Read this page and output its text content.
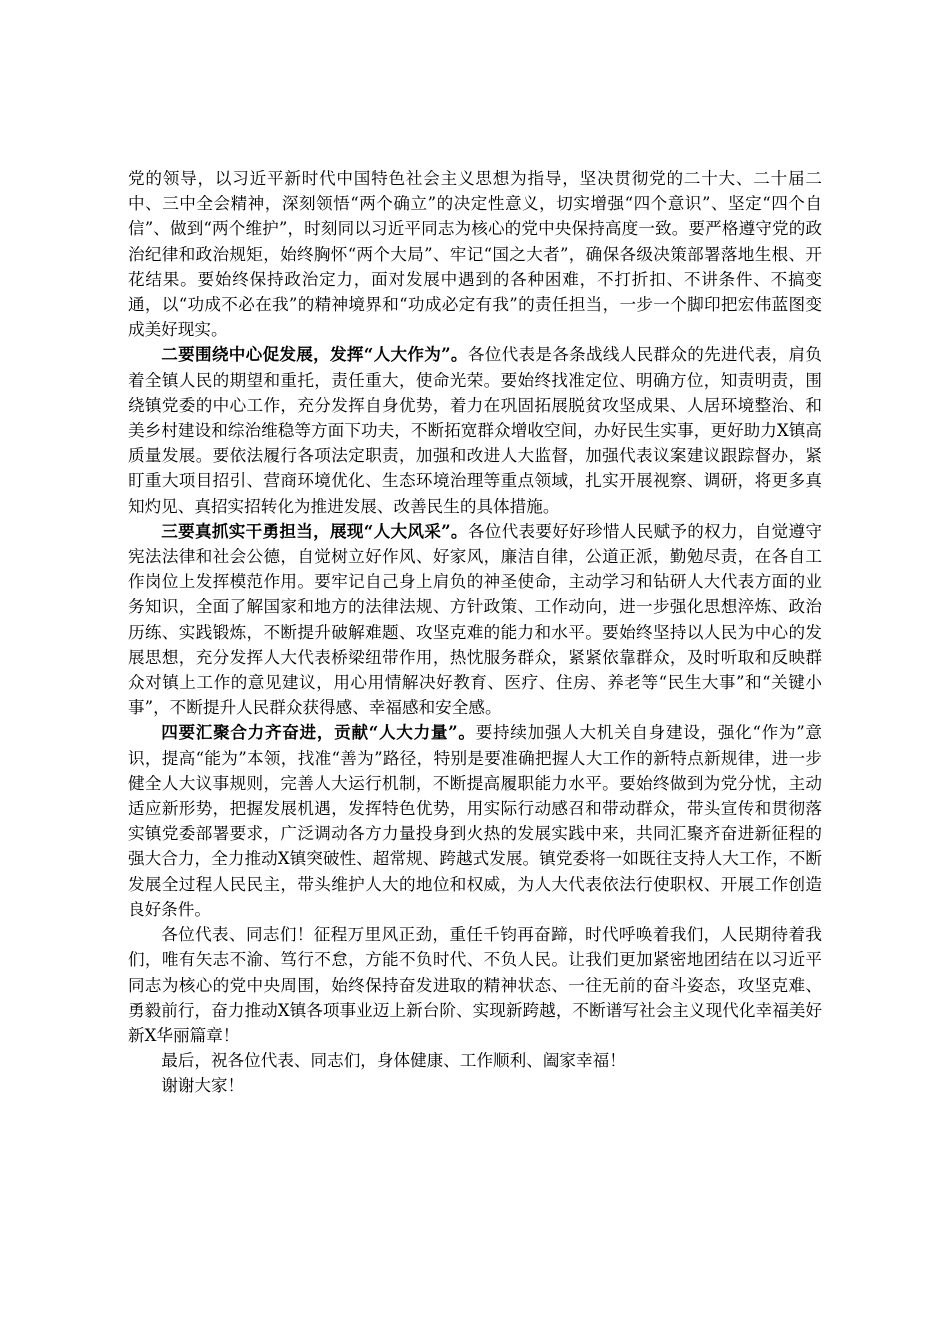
党的领导，以习近平新时代中国特色社会主义思想为指导，坚决贯彻党的二十大、二十届二中、三中全会精神，深刻领悟“两个确立”的决定性意义，切实增强“四个意识”、坚定“四个自信”、做到“两个维护”，时刻同以习近平同志为核心的党中央保持高度一致。要严格遵守党的政治纪律和政治规矩，始终胸怀“两个大局”、牢记“国之大者”，确保各级决策部署落地生根、开花结果。要始终保持政治定力，面对发展中遇到的各种困难，不打折扣、不讲条件、不搞变通，以“功成不必在我”的精神境界和“功成必定有我”的责任担当，一步一个脚印把宏伟蓝图变成美好现实。

二要围绕中心促发展，发挥“人大作为”。各位代表是各条战线人民群众的先进代表，肩负着全镇人民的期望和重托，责任重大，使命光荣。要始终找准定位、明确方位，知责明责，围绕镇党委的中心工作，充分发挥自身优势，着力在巩固拓展脱贫攻坚成果、人居环境整治、和美乡村建设和综治维稳等方面下功夫，不断拓宽群众增收空间，办好民生实事，更好助力X镇高质量发展。要依法履行各项法定职责，加强和改进人大监督，加强代表议案建议跟踪督办，紧盯重大项目招引、营商环境优化、生态环境治理等重点领域，扎实开展视察、调研，将更多真知灼见、真招实招转化为推进发展、改善民生的具体措施。

三要真抓实干勇担当，展现“人大风采”。各位代表要好好珍惜人民赋予的权力，自觉遵守宪法法律和社会公德，自觉树立好作风、好家风，廉洁自律，公道正派，勤勉尽责，在各自工作岗位上发挥模范作用。要牢记自己身上肩负的神圣使命，主动学习和钻研人大代表方面的业务知识，全面了解国家和地方的法律法规、方针政策、工作动向，进一步强化思想淬炼、政治历练、实践锻炼，不断提升破解难题、攻坚克难的能力和水平。要始终坚持以人民为中心的发展思想，充分发挥人大代表桥梁纽带作用，热忱服务群众，紧紧依靠群众，及时听取和反映群众对镇上工作的意见建议，用心用情解决好教育、医疗、住房、养老等“民生大事”和“关键小事”，不断提升人民群众获得感、幸福感和安全感。

四要汇聚合力齐奋进，贡献“人大力量”。要持续加强人大机关自身建设，强化“作为”意识，提高“能为”本领，找准“善为”路径，特别是要准确把握人大工作的新特点新规律，进一步健全人大议事规则，完善人大运行机制，不断提高履职能力水平。要始终做到为党分忧，主动适应新形势，把握发展机遇，发挥特色优势，用实际行动感召和带动群众，带头宣传和贯彻落实镇党委部署要求，广泛调动各方力量投身到火热的发展实践中来，共同汇聚齐奋进新征程的强大合力，全力推动X镇突破性、超常规、跨越式发展。镇党委将一如既往支持人大工作，不断发展全过程人民民主，带头维护人大的地位和权威，为人大代表依法行使职权、开展工作创造良好条件。

各位代表、同志们！征程万里风正劲，重任千钧再奋蹄，时代呼唤着我们，人民期待着我们，唯有矢志不渝、笃行不怠，方能不负时代、不负人民。让我们更加紧密地团结在以习近平同志为核心的党中央周围，始终保持奋发进取的精神状态、一往无前的奋斗姿态，攻坚克难、勇毅前行，奋力推动X镇各项事业迈上新台阶、实现新跨越，不断谱写社会主义现代化幸福美好新X华丽篇章！

最后，祝各位代表、同志们，身体健康、工作顺利、阖家幸福！

谢谢大家！
